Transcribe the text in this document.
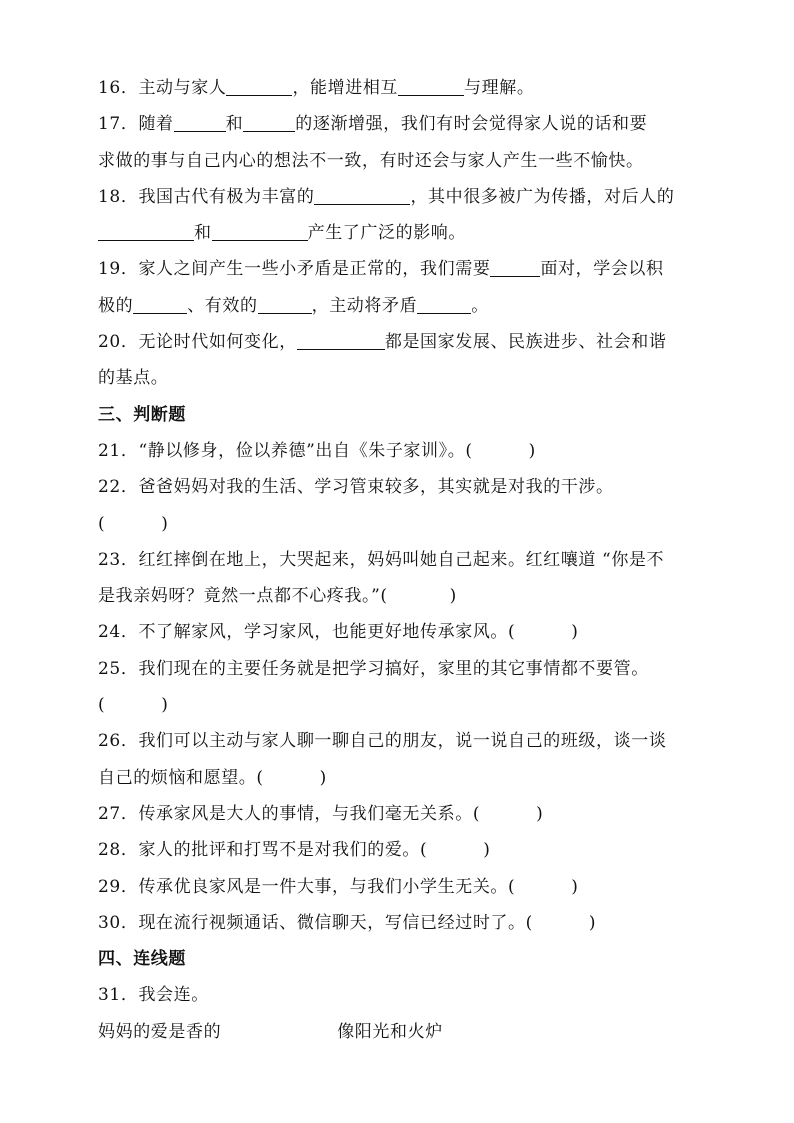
16．主动与家人	，能增进相互	与理解。
17．随着	和	的逐渐增强，我们有时会觉得家人说的话和要
求做的事与自己内心的想法不一致，有时还会与家人产生一些不愉快。
18．我国古代有极为丰富的	，其中很多被广为传播，对后人的
和	产生了广泛的影响。
19．家人之间产生一些小矛盾是正常的，我们需要	面对，学会以积
极的	、有效的	，主动将矛盾	。
20．无论时代如何变化，	都是国家发展、民族进步、社会和谐
的基点。
三、判断题
21．“静以修身，俭以养德”出自《朱子家训》。(	)
22．爸爸妈妈对我的生活、学习管束较多，其实就是对我的干涉。
(	)
23．红红摔倒在地上，大哭起来，妈妈叫她自己起来。红红嚷道 “你是不
是我亲妈呀？竟然一点都不心疼我。”(	)
24．不了解家风，学习家风，也能更好地传承家风。(	)
25．我们现在的主要任务就是把学习搞好，家里的其它事情都不要管。
(	)
26．我们可以主动与家人聊一聊自己的朋友，说一说自己的班级，谈一谈
自己的烦恼和愿望。(	)
27．传承家风是大人的事情，与我们毫无关系。(	)
28．家人的批评和打骂不是对我们的爱。(	)
29．传承优良家风是一件大事，与我们小学生无关。(	)
30．现在流行视频通话、微信聊天，写信已经过时了。(	)
四、连线题
31．我会连。
妈妈的爱是香的	像阳光和火炉
